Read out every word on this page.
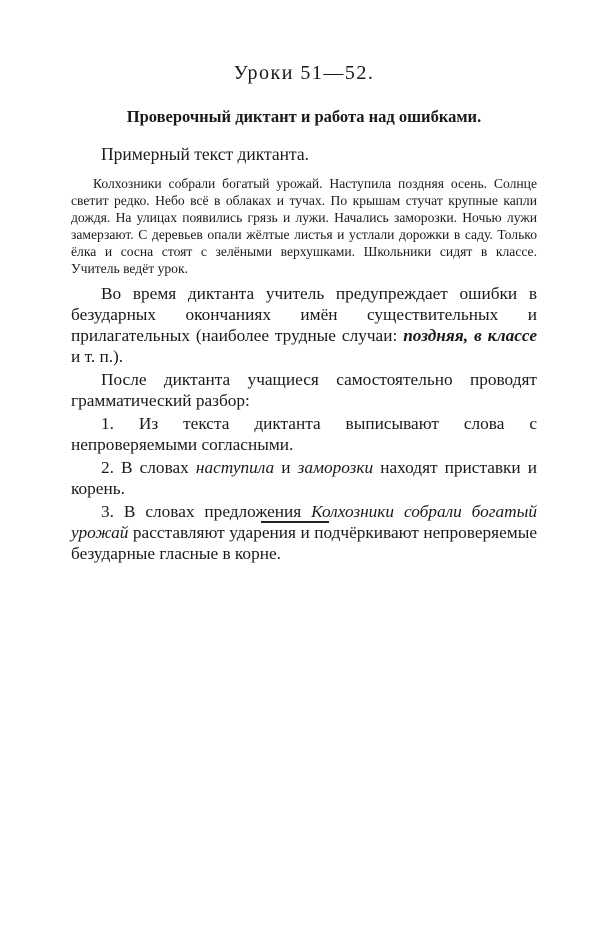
Уроки 51—52.
Проверочный диктант и работа над ошибками.
Примерный текст диктанта.
Колхозники собрали богатый урожай. Наступила поздняя осень. Солнце светит редко. Небо всё в облаках и тучах. По крышам стучат крупные капли дождя. На улицах появились грязь и лужи. Начались заморозки. Ночью лужи замерзают. С деревьев опали жёлтые листья и устлали дорожки в саду. Только ёлка и сосна стоят с зелёными верхушками. Школьники сидят в классе. Учитель ведёт урок.

Во время диктанта учитель предупреждает ошибки в безударных окончаниях имён существительных и прилагательных (наиболее трудные случаи: поздняя, в классе и т. п.).

После диктанта учащиеся самостоятельно проводят грамматический разбор:

1. Из текста диктанта выписывают слова с непроверяемыми согласными.

2. В словах наступила и заморозки находят приставки и корень.

3. В словах предложения Колхозники собрали богатый урожай расставляют ударения и подчёркивают непроверяемые безударные гласные в корне.
